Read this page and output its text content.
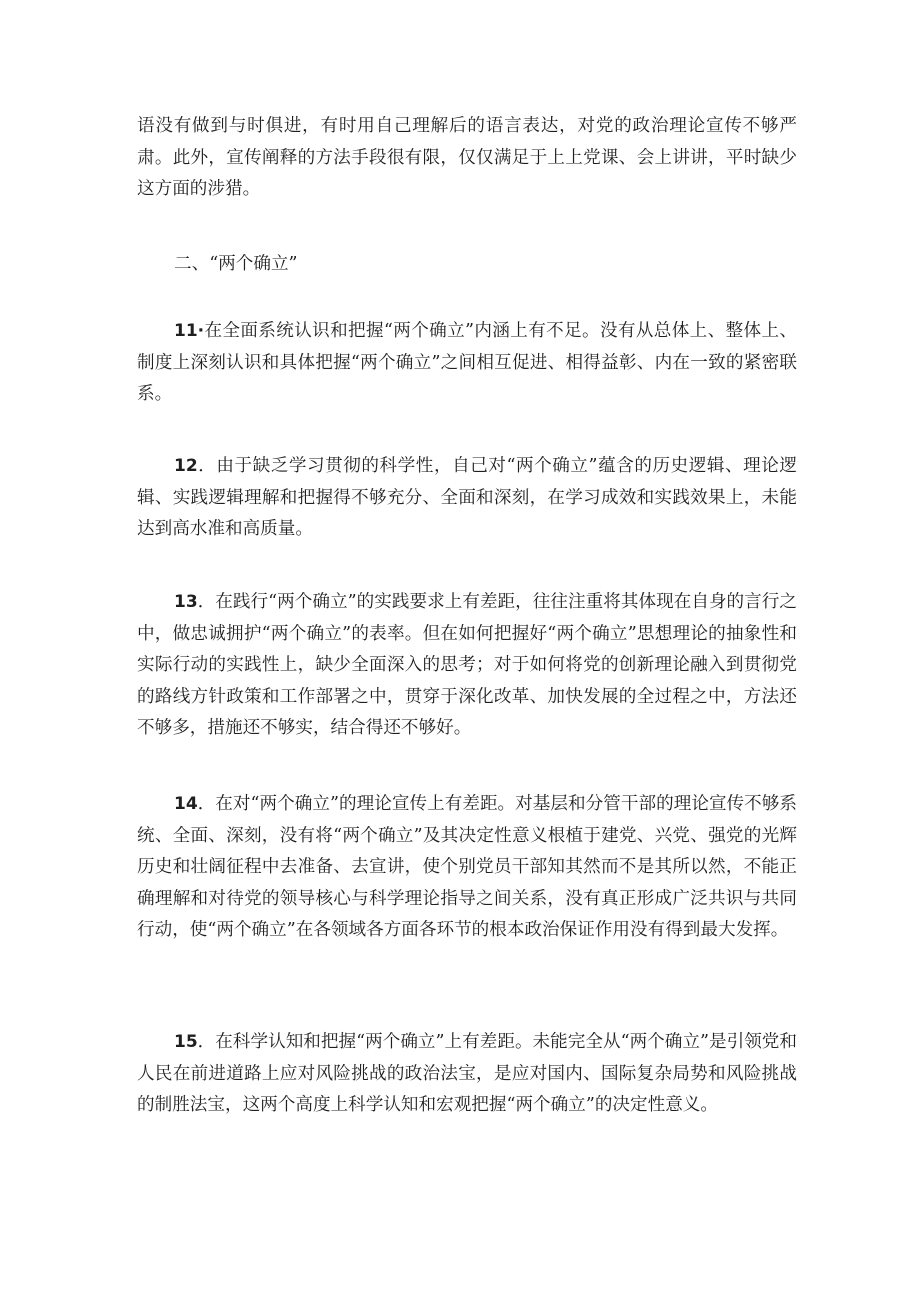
语没有做到与时俱进，有时用自己理解后的语言表达，对党的政治理论宣传不够严肃。此外，宣传阐释的方法手段很有限，仅仅满足于上上党课、会上讲讲，平时缺少这方面的涉猎。

二、“两个确立”

11·在全面系统认识和把握“两个确立”内涵上有不足。没有从总体上、整体上、制度上深刻认识和具体把握“两个确立”之间相互促进、相得益彰、内在一致的紧密联系。

12．由于缺乏学习贯彻的科学性，自己对“两个确立”蕴含的历史逻辑、理论逻辑、实践逻辑理解和把握得不够充分、全面和深刻，在学习成效和实践效果上，未能达到高水准和高质量。

13．在践行“两个确立”的实践要求上有差距，往往注重将其体现在自身的言行之中，做忠诚拥护“两个确立”的表率。但在如何把握好“两个确立”思想理论的抽象性和实际行动的实践性上，缺少全面深入的思考；对于如何将党的创新理论融入到贯彻党的路线方针政策和工作部署之中，贯穿于深化改革、加快发展的全过程之中，方法还不够多，措施还不够实，结合得还不够好。

14．在对“两个确立”的理论宣传上有差距。对基层和分管干部的理论宣传不够系统、全面、深刻，没有将“两个确立”及其决定性意义根植于建党、兴党、强党的光辉历史和壮阔征程中去准备、去宣讲，使个别党员干部知其然而不是其所以然，不能正确理解和对待党的领导核心与科学理论指导之间关系，没有真正形成广泛共识与共同行动，使“两个确立”在各领域各方面各环节的根本政治保证作用没有得到最大发挥。

15．在科学认知和把握“两个确立”上有差距。未能完全从“两个确立”是引领党和人民在前进道路上应对风险挑战的政治法宝，是应对国内、国际复杂局势和风险挑战的制胜法宝，这两个高度上科学认知和宏观把握“两个确立”的决定性意义。
